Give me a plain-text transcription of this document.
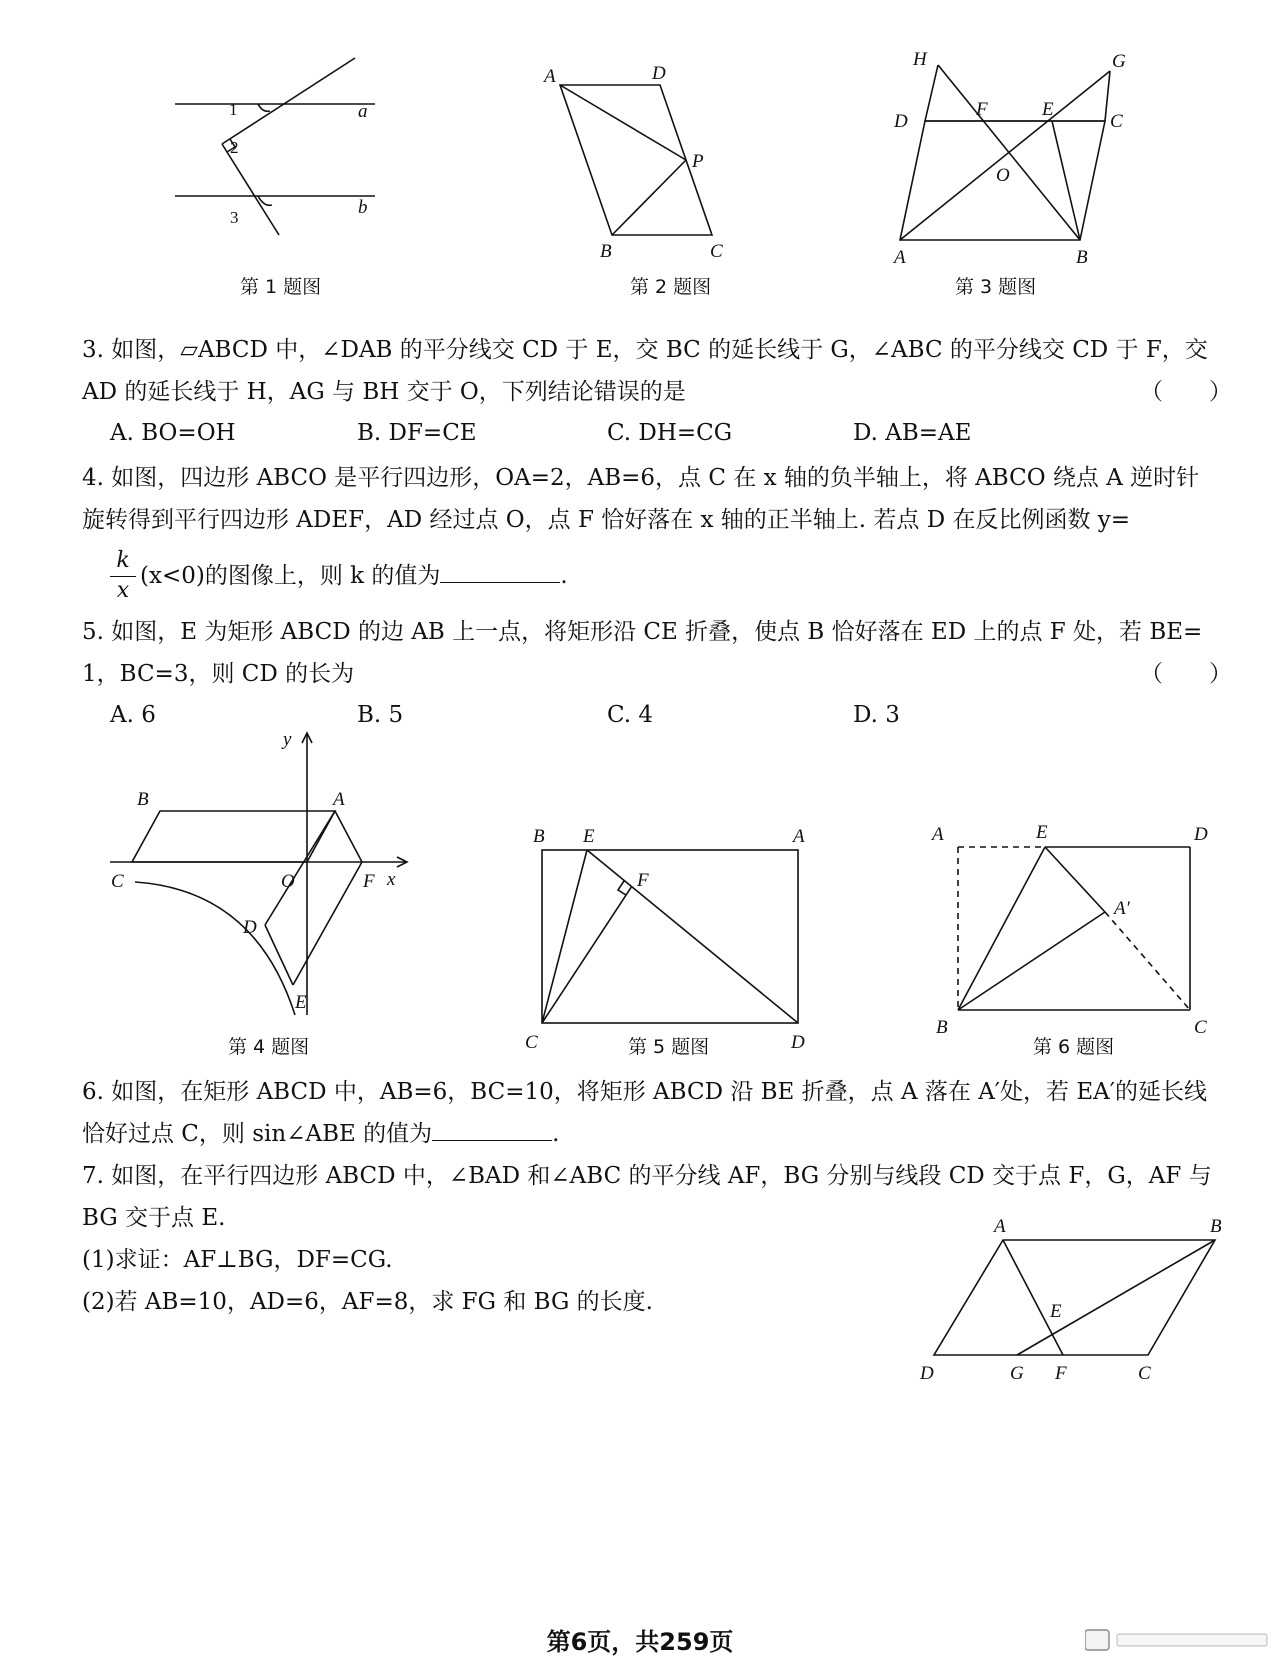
1
2
3
a
b
第 1 题图
A	D
P
B	C
第 2 题图
H	G
D
F	E
C
O
A	B
第 3 题图
3. 如图，▱ABCD 中，∠DAB 的平分线交 CD 于 E，交 BC 的延长线于 G，∠ABC 的平分线交 CD 于 F，交
AD 的延长线于 H，AG 与 BH 交于 O，下列结论错误的是	（　　）
A. BO=OH	B. DF=CE	C. DH=CG	D. AB=AE
4. 如图，四边形 ABCO 是平行四边形，OA=2，AB=6，点 C 在 x 轴的负半轴上，将 ABCO 绕点 A 逆时针
旋转得到平行四边形 ADEF，AD 经过点 O，点 F 恰好落在 x 轴的正半轴上. 若点 D 在反比例函数 y=
k
x
(x<0)的图像上，则 k 的值为	.
5. 如图，E 为矩形 ABCD 的边 AB 上一点，将矩形沿 CE 折叠，使点 B 恰好落在 ED 上的点 F 处，若 BE=
1，BC=3，则 CD 的长为	（　　）
A. 6	B. 5	C. 4	D. 3
y
x
B	A
C	O	F
D
E
第 4 题图
B E	A
F
C	D
第 5 题图
A	E	D
A′
B	C
第 6 题图
6. 如图，在矩形 ABCD 中，AB=6，BC=10，将矩形 ABCD 沿 BE 折叠，点 A 落在 A′处，若 EA′的延长线
恰好过点 C，则 sin∠ABE 的值为	.
7. 如图，在平行四边形 ABCD 中，∠BAD 和∠ABC 的平分线 AF，BG 分别与线段 CD 交于点 F，G，AF 与
BG 交于点 E.
(1)求证：AF⊥BG，DF=CG.
(2)若 AB=10，AD=6，AF=8，求 FG 和 BG 的长度.
A	B
E
D	G F	C
第6页，共259页
